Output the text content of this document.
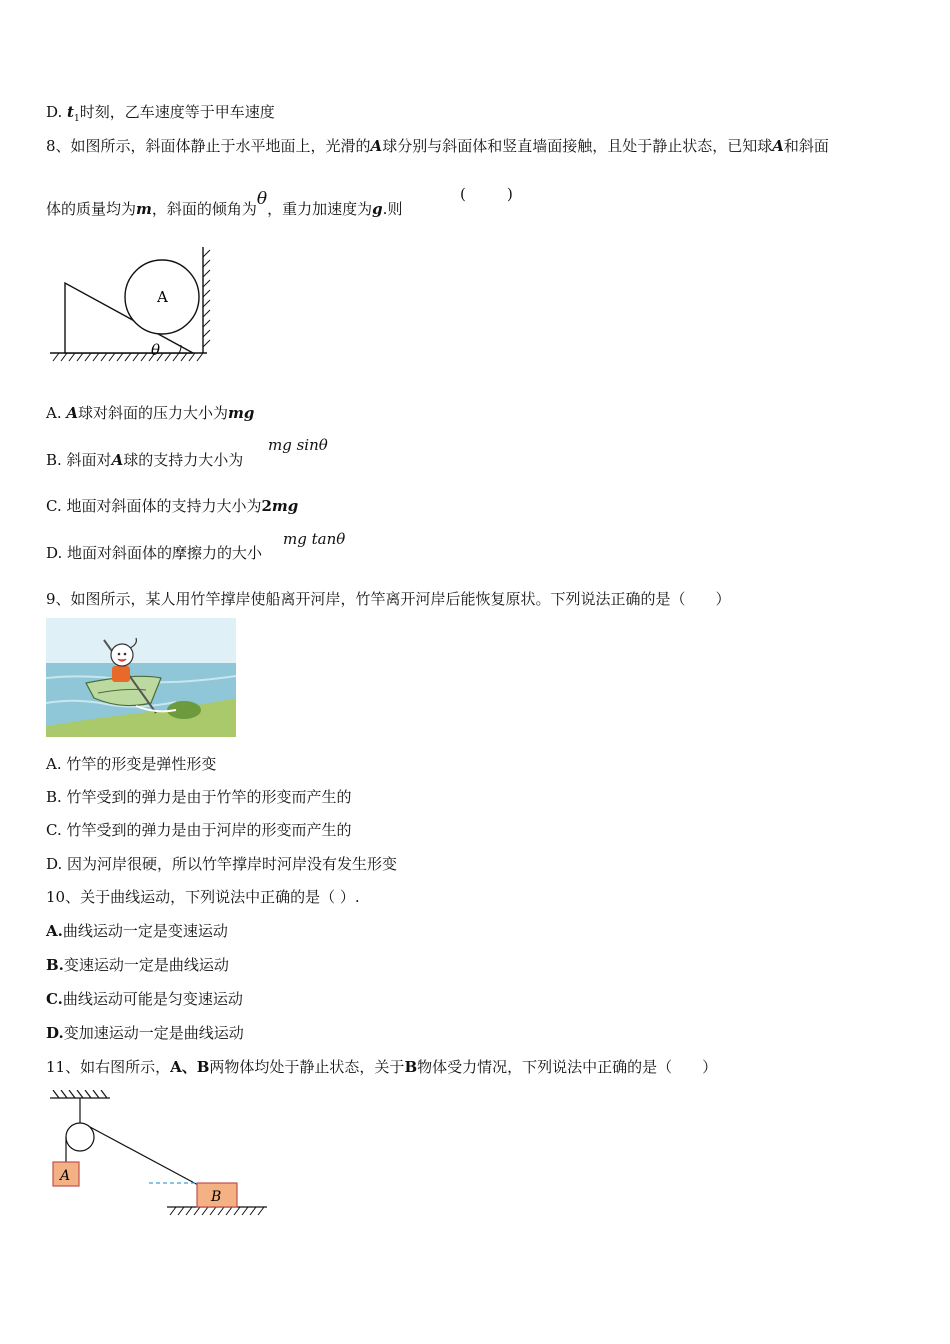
D. $t_1$时刻，乙车速度等于甲车速度
8、如图所示，斜面体静止于水平地面上，光滑的A球分别与斜面体和竖直墙面接触，且处于静止状态，已知球A和斜面
体的质量均为m，斜面的倾角为θ，重力加速度为g.则
(	)
A
θ
A. A球对斜面的压力大小为mg
B. 斜面对A球的支持力大小为
mg sinθ
C. 地面对斜面体的支持力大小为2mg
D. 地面对斜面体的摩擦力的大小
mg tanθ
9、如图所示，某人用竹竿撑岸使船离开河岸，竹竿离开河岸后能恢复原状。下列说法正确的是（　　）
A. 竹竿的形变是弹性形变
B. 竹竿受到的弹力是由于竹竿的形变而产生的
C. 竹竿受到的弹力是由于河岸的形变而产生的
D. 因为河岸很硬，所以竹竿撑岸时河岸没有发生形变
10、关于曲线运动，下列说法中正确的是（ ）.
A.曲线运动一定是变速运动
B.变速运动一定是曲线运动
C.曲线运动可能是匀变速运动
D.变加速运动一定是曲线运动
11、如右图所示，A、B两物体均处于静止状态，关于B物体受力情况，下列说法中正确的是（　　）
A
B
